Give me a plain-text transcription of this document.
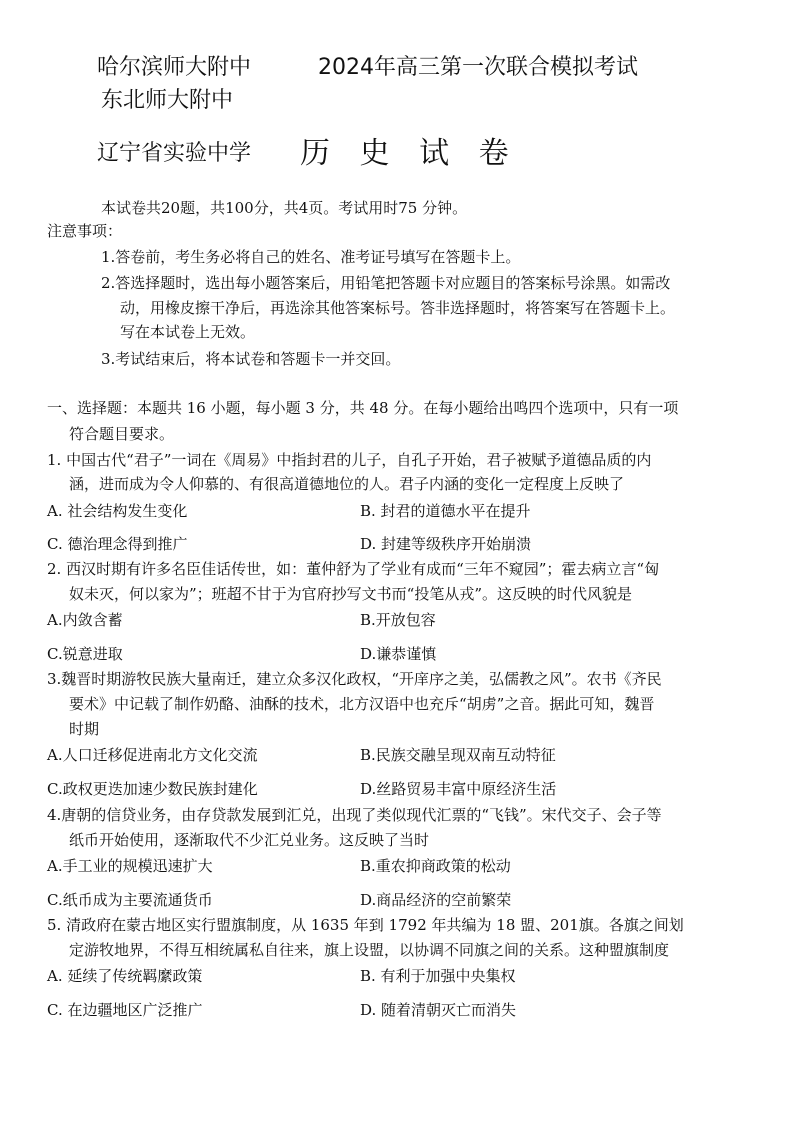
哈尔滨师大附中	2024年高三第一次联合模拟考试
东北师大附中
辽宁省实验中学 历 史 试 卷
本试卷共20题，共100分，共4页。考试用时75 分钟。
注意事项：
1.答卷前，考生务必将自己的姓名、准考证号填写在答题卡上。
2.答选择题时，选出每小题答案后，用铅笔把答题卡对应题目的答案标号涂黑。如需改
动，用橡皮擦干净后，再选涂其他答案标号。答非选择题时，将答案写在答题卡上。
写在本试卷上无效。
3.考试结束后，将本试卷和答题卡一并交回。
一、选择题：本题共 16 小题，每小题 3 分，共 48 分。在每小题给出鸣四个选项中，只有一项
符合题目要求。
1. 中国古代“君子”一词在《周易》中指封君的儿子，自孔子开始，君子被赋予道德品质的内
涵，进而成为令人仰慕的、有很高道德地位的人。君子内涵的变化一定程度上反映了
A. 社会结构发生变化	B. 封君的道德水平在提升
C. 德治理念得到推广	D. 封建等级秩序开始崩溃
2. 西汉时期有许多名臣佳话传世，如：董仲舒为了学业有成而“三年不窥园”；霍去病立言“匈
奴未灭，何以家为”；班超不甘于为官府抄写文书而“投笔从戎”。这反映的时代风貌是
A.内敛含蓄	B.开放包容
C.锐意进取	D.谦恭谨慎
3.魏晋时期游牧民族大量南迁，建立众多汉化政权，“开庠序之美，弘儒教之风”。农书《齐民
要术》中记载了制作奶酪、油酥的技术，北方汉语中也充斥“胡虏”之音。据此可知，魏晋
时期
A.人口迁移促进南北方文化交流	B.民族交融呈现双南互动特征
C.政权更迭加速少数民族封建化	D.丝路贸易丰富中原经济生活
4.唐朝的信贷业务，由存贷款发展到汇兑，出现了类似现代汇票的“飞钱”。宋代交子、会子等
纸币开始使用，逐渐取代不少汇兑业务。这反映了当时
A.手工业的规模迅速扩大	B.重农抑商政策的松动
C.纸币成为主要流通货币	D.商品经济的空前繁荣
5. 清政府在蒙古地区实行盟旗制度，从 1635 年到 1792 年共编为 18 盟、201旗。各旗之间划
定游牧地界，不得互相统属私自往来，旗上设盟，以协调不同旗之间的关系。这种盟旗制度
A. 延续了传统羁縻政策	B. 有利于加强中央集权
C. 在边疆地区广泛推广	D. 随着清朝灭亡而消失
